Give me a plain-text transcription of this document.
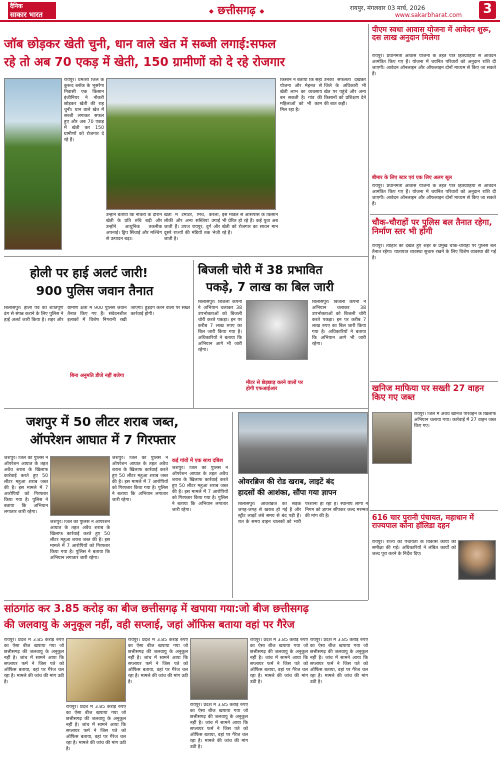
दैनिक
साकार भारत
◆	छत्तीसगढ़ ◆	रायपुर, मंगलवार 03 मार्च, 2026
www.sakarbharat.com	3
जॉब छोड़कर खेती चुनी, धान वाले खेत में सब्जी लगाई:सफल
रहे तो अब 70 एकड़ में खेती, 150 ग्रामीणों को दे रहे रोजगार
रायपुर। धमतरी जिले के कुरूद ब्लॉक के भूसरेंगा निवासी एक किसान इंजीनियर ने नौकरी छोड़कर खेती की राह चुनी। धान वाले खेत में सब्जी लगाकर सफल हुए और अब 70 एकड़ में खेती कर 150 ग्रामीणों को रोजगार दे रहे हैं।
उन्होंने बताया कि नौकरी के दौरान खेती के प्रति रुचि बढ़ी और उन्होंने आधुनिक तकनीक अपनाई। ड्रिप सिंचाई और मल्चिंग से उत्पादन बढ़ा।
खेती में टमाटर, मिर्च, करेला, लौकी और अन्य सब्जियां उगाई जाती हैं। उपज रायपुर, दुर्ग और दूसरे राज्यों की मंडियों तक भेजी जाती है।
इस मॉडल से आसपास के किसान भी प्रेरित हो रहे हैं। कई युवा अब खेती को रोजगार का साधन मान रहे हैं।
किसान ने बताया कि सही योजना और मेहनत से खेती लाभ का व्यवसाय बन सकती है। गांव की महिलाओं को भी काम मिल रहा है।
उनकी सफलता देखकर जिले के अधिकारी भी खेत पर पहुंचे और अन्य किसानों को प्रशिक्षण देने की बात कही।
होली पर हाई अलर्ट जारी!
900 पुलिस जवान तैनात
बिलासपुर। होली पर्व को शांतिपूर्ण ढंग से संपन्न कराने के लिए पुलिस ने हाई अलर्ट जारी किया है। शहर और ग्रामीण क्षेत्रों में 900 पुलिस जवान तैनात किए गए हैं। संवेदनशील इलाकों में विशेष निगरानी रखी जाएगी। हुड़दंग करने वालों पर सख्त कार्रवाई होगी।
बिना अनुमति डीजे नहीं बजेगा
बिजली चोरी में 38 प्रभावित
पकड़े, 7 लाख का बिल जारी
बिलासपुर। बिजली कंपनी ने अभियान चलाकर 38 उपभोक्ताओं को बिजली चोरी करते पकड़ा। इन पर करीब 7 लाख रुपए का बिल जारी किया गया है। अधिकारियों ने बताया कि अभियान आगे भी जारी रहेगा।
बिलासपुर। बिजली कंपनी ने अभियान चलाकर 38 उपभोक्ताओं को बिजली चोरी करते पकड़ा। इन पर करीब 7 लाख रुपए का बिल जारी किया गया है। अधिकारियों ने बताया कि अभियान आगे भी जारी रहेगा।
मीटर से छेड़छाड़ करने वालों पर होगी एफआईआर
जशपुर में 50 लीटर शराब जब्त,
ऑपरेशन आघात में 7 गिरफ्तार
जशपुर। जिले की पुलिस ने ऑपरेशन आघात के तहत अवैध शराब के खिलाफ कार्रवाई करते हुए 50 लीटर महुआ शराब जब्त की है। इस मामले में 7 आरोपियों को गिरफ्तार किया गया है। पुलिस ने बताया कि अभियान लगातार जारी रहेगा।
जशपुर। जिले की पुलिस ने ऑपरेशन आघात के तहत अवैध शराब के खिलाफ कार्रवाई करते हुए 50 लीटर महुआ शराब जब्त की है। इस मामले में 7 आरोपियों को गिरफ्तार किया गया है। पुलिस ने बताया कि अभियान लगातार जारी रहेगा।
जशपुर। जिले की पुलिस ने ऑपरेशन आघात के तहत अवैध शराब के खिलाफ कार्रवाई करते हुए 50 लीटर महुआ शराब जब्त की है। इस मामले में 7 आरोपियों को गिरफ्तार किया गया है। पुलिस ने बताया कि अभियान लगातार जारी रहेगा।
कई गांवों में एक साथ दबिश
जशपुर। जिले की पुलिस ने ऑपरेशन आघात के तहत अवैध शराब के खिलाफ कार्रवाई करते हुए 50 लीटर महुआ शराब जब्त की है। इस मामले में 7 आरोपियों को गिरफ्तार किया गया है। पुलिस ने बताया कि अभियान लगातार जारी रहेगा।
ओवरब्रिज की रोड खराब, लाइटें बंद
हादसों की आशंका, सौंपा गया ज्ञापन
बिलासपुर। ओवरब्रिज की सड़क जगह-जगह से खराब हो गई है और स्ट्रीट लाइटें लंबे समय से बंद पड़ी हैं। रात के समय वाहन चालकों को भारी परेशानी हो रही है। स्थानीय लोगों ने निगम को ज्ञापन सौंपकर जल्द मरम्मत की मांग की है।
सांठगांठ कर 3.85 करोड़ का बीज छत्तीसगढ़ में खपाया गया:जो बीज छत्तीसगढ़
की जलवायु के अनुकूल नहीं, वही सप्लाई, जहां ऑफिस बताया वहां पर गैरेज
रायपुर। प्रदेश में 3.85 करोड़ रुपए का ऐसा बीज खपाया गया जो छत्तीसगढ़ की जलवायु के अनुकूल नहीं है। जांच में सामने आया कि सप्लायर फर्म ने जिस पते को ऑफिस बताया, वहां पर गैरेज चल रहा है। मामले की जांच की मांग उठी है।
रायपुर। प्रदेश में 3.85 करोड़ रुपए का ऐसा बीज खपाया गया जो छत्तीसगढ़ की जलवायु के अनुकूल नहीं है। जांच में सामने आया कि सप्लायर फर्म ने जिस पते को ऑफिस बताया, वहां पर गैरेज चल रहा है। मामले की जांच की मांग उठी है।
रायपुर। प्रदेश में 3.85 करोड़ रुपए का ऐसा बीज खपाया गया जो छत्तीसगढ़ की जलवायु के अनुकूल नहीं है। जांच में सामने आया कि सप्लायर फर्म ने जिस पते को ऑफिस बताया, वहां पर गैरेज चल रहा है। मामले की जांच की मांग उठी है।
रायपुर। प्रदेश में 3.85 करोड़ रुपए का ऐसा बीज खपाया गया जो छत्तीसगढ़ की जलवायु के अनुकूल नहीं है। जांच में सामने आया कि सप्लायर फर्म ने जिस पते को ऑफिस बताया, वहां पर गैरेज चल रहा है। मामले की जांच की मांग उठी है।
रायपुर। प्रदेश में 3.85 करोड़ रुपए का ऐसा बीज खपाया गया जो छत्तीसगढ़ की जलवायु के अनुकूल नहीं है। जांच में सामने आया कि सप्लायर फर्म ने जिस पते को ऑफिस बताया, वहां पर गैरेज चल रहा है। मामले की जांच की मांग उठी है।
रायपुर। प्रदेश में 3.85 करोड़ रुपए का ऐसा बीज खपाया गया जो छत्तीसगढ़ की जलवायु के अनुकूल नहीं है। जांच में सामने आया कि सप्लायर फर्म ने जिस पते को ऑफिस बताया, वहां पर गैरेज चल रहा है। मामले की जांच की मांग उठी है।
पीएम स्वधा आवास योजना में आवेदन शुरू, दस लाख अनुदान मिलेगा
रायपुर। प्रधानमंत्री आवास योजना के तहत पात्र हितग्राहियों से आवेदन आमंत्रित किए गए हैं। योजना में चयनित परिवारों को अनुदान राशि दी जाएगी। आवेदन ऑनलाइन और ऑफलाइन दोनों माध्यम से किए जा सकते हैं।
बीमार के लिए स्टार एवं एक लिए अलग सूल
रायपुर। प्रधानमंत्री आवास योजना के तहत पात्र हितग्राहियों से आवेदन आमंत्रित किए गए हैं। योजना में चयनित परिवारों को अनुदान राशि दी जाएगी। आवेदन ऑनलाइन और ऑफलाइन दोनों माध्यम से किए जा सकते हैं।
चौक-चौराहों पर पुलिस बल तैनात रहेगा, निर्माण स्तर भी होगी
रायपुर। त्योहार को देखते हुए शहर के प्रमुख चौक-चौराहों पर पुलिस बल तैनात रहेगा। यातायात व्यवस्था सुचारु रखने के लिए विशेष व्यवस्था की गई है।
खनिज माफिया पर सख्ती 27 वाहन किए गए जब्त
रायपुर। जिले में अवैध खनिज परिवहन के खिलाफ अभियान चलाया गया। कार्रवाई में 27 वाहन जब्त किए गए।
616 चार पुरानी पंचायत, महाधान में राज्यपाल कोना हॉलिडा दहन
रायपुर। राज्य की पंचायतों के विकास कार्यों की समीक्षा की गई। अधिकारियों ने लंबित कार्यों को जल्द पूरा करने के निर्देश दिए।
